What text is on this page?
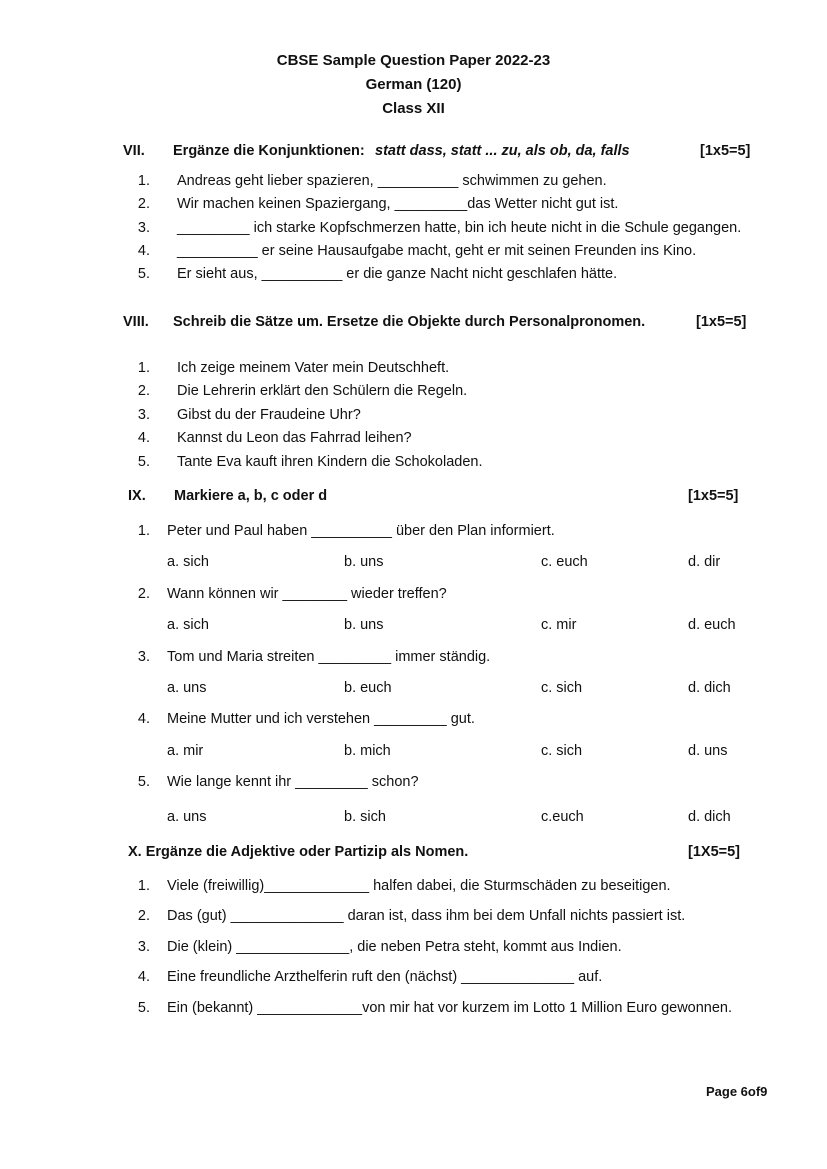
CBSE Sample Question Paper 2022-23
German (120)
Class XII
VII. Ergänze die Konjunktionen: statt dass, statt ... zu, als ob, da, falls	[1x5=5]
1. Andreas geht lieber spazieren, __________ schwimmen zu gehen.
2. Wir machen keinen Spaziergang, _________das Wetter nicht gut ist.
3. _________ ich starke Kopfschmerzen hatte, bin ich heute nicht in die Schule gegangen.
4. __________ er seine Hausaufgabe macht, geht er mit seinen Freunden ins Kino.
5. Er sieht aus, __________ er die ganze Nacht nicht geschlafen hätte.
VIII. Schreib die Sätze um. Ersetze die Objekte durch Personalpronomen.	[1x5=5]
1. Ich zeige meinem Vater mein Deutschheft.
2. Die Lehrerin erklärt den Schülern die Regeln.
3. Gibst du der Fraudeine Uhr?
4. Kannst du Leon das Fahrrad leihen?
5. Tante Eva kauft ihren Kindern die Schokoladen.
IX. Markiere a, b, c oder d	[1x5=5]
1. Peter und Paul haben __________ über den Plan informiert.
a. sich	b. uns	c. euch	d. dir
2. Wann können wir ________ wieder treffen?
a. sich	b. uns	c. mir	d. euch
3. Tom und Maria streiten _________ immer ständig.
a. uns	b. euch	c. sich	d. dich
4. Meine Mutter und ich verstehen _________ gut.
a. mir	b. mich	c. sich	d. uns
5. Wie lange kennt ihr _________ schon?
a. uns	b. sich	c.euch	d. dich
X. Ergänze die Adjektive oder Partizip als Nomen.	[1X5=5]
1. Viele (freiwillig)_____________ halfen dabei, die Sturmschäden zu beseitigen.
2. Das (gut) ______________ daran ist, dass ihm bei dem Unfall nichts passiert ist.
3. Die (klein) ______________, die neben Petra steht, kommt aus Indien.
4. Eine freundliche Arzthelferin ruft den (nächst) ______________ auf.
5. Ein (bekannt) _____________von mir hat vor kurzem im Lotto 1 Million Euro gewonnen.
Page 6of9
